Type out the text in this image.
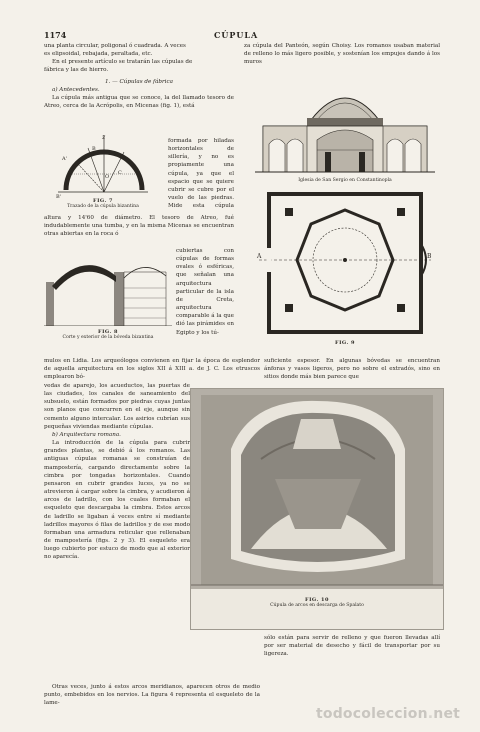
1174	CÚPULA

una planta circular, poligonal ó cuadrada. A veces

es elipsoidal, rebajada, peraltada, etc.

En el presente artículo se tratarán las cúpulas de

fábrica y las de hierro.

1. — Cúpulas de fábrica

a) Antecedentes.

La cúpula más antigua que se conoce, la del llamado tesoro de Atreo, cerca de la Acrópolis, en Micenas (fig. 1), está

z
B
A'
A
O
C
B'
FIG. 7
Trazado de la cúpula bizantina

formada por hiladas horizontales de sillería, y no es propiamente una cúpula, ya que el espacio que se quiere cubrir se cubre por el vuelo de las piedras. Mide esta cúpula

altura y 14'60 de diámetro. El tesoro de Atreo, fué indudablemente una tumba, y en la misma Micenas se encuentran otras abiertas en la roca ó

FIG. 8
Corte y exterior de la bóveda bizantina

cubiertas con cúpulas de formas ovales ó esféricas, que señalan una arquitectura particular de la isla de Creta, arquitectura comparable á la que dió las pirámides en Egipto y los tú-

mulos en Lidia. Los arqueólogos convienen en fijar la época de esplendor de aquella arquitectura en los siglos XII á XIII a. de J. C. Los etruscos emplearon bó-

vedas de aparejo, los acueductos, las puertas de las ciudades, los canales de saneamiento del subsuelo, están formados por piedras cuyas juntas son planos que concurren en el eje, aunque sin cemento alguno intercalar. Los asirios cubrían sus pequeñas viviendas mediante cúpulas.

b) Arquitectura romana.

La introducción de la cúpula para cubrir grandes plantas, se debió á los romanos. Las antiguas cúpulas romanas se construían de mampostería, cargando directamente sobre la cimbra por tongadas horizontales. Cuando pensaron en cubrir grandes luces, ya no se atrevieron á cargar sobre la cimbra, y acudieron á arcos de ladrillo, con los cuales formaban el esqueleto que descargaba la cimbra. Estos arcos de ladrillo se ligaban á veces entre sí mediante ladrillos mayores ó filas de ladrillos y de ese modo formaban una armadura reticular que rellenaban de mampostería (figs. 2 y 3). El esqueleto era luego cubierto por estuco de modo que al exterior no aparecía.

Otras veces, junto á estos arcos meridianos, aparecen otros de medio punto, embebidos en los nervios. La figura 4 representa el esqueleto de la lame-

za cúpula del Panteón, según Choisy. Los romanos usaban material de relleno lo más ligero posible, y sostenían los empujes dando á los muros

Iglesia de San Sergio en Constantinopla
A	B
FIG. 9

suficiente espesor. En algunas bóvedas se encuentran ánforas y vasos ligeros, pero no sobre el extradós, sino en sitios donde más bien parece que

FIG. 10
Cúpula de arcos en descarga de Spalato

sólo están para servir de relleno y que fueron llevadas allí por ser material de desecho y fácil de transportar por su ligereza.

todocoleccion.net
